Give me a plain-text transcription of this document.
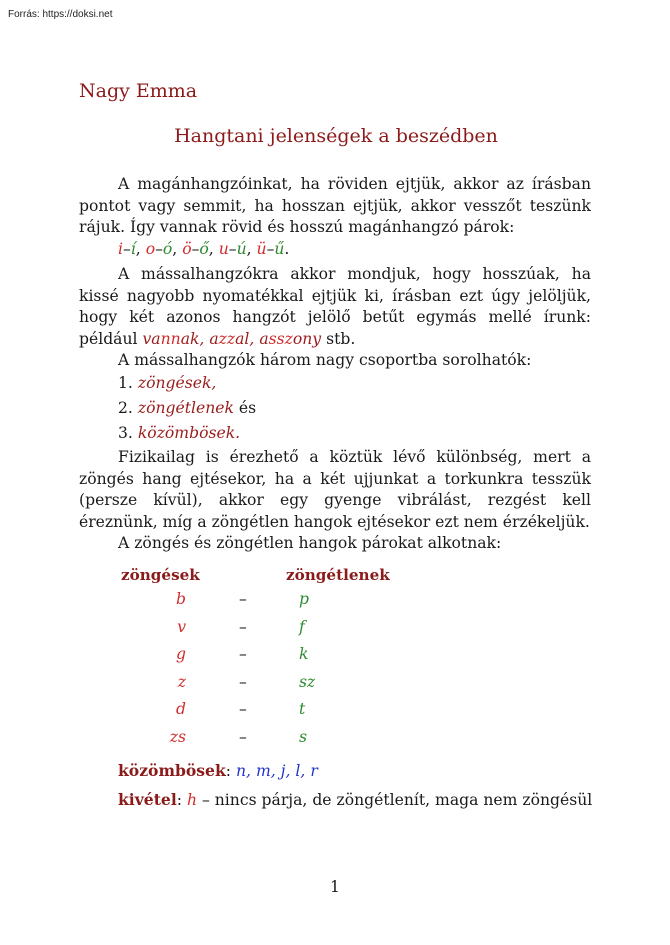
Forrás: https://doksi.net
Nagy Emma
Hangtani jelenségek a beszédben
A magánhangzóinkat, ha röviden ejtjük, akkor az írásban pontot vagy semmit, ha hosszan ejtjük, akkor vesszőt teszünk rájuk. Így vannak rövid és hosszú magánhangzó párok:
i–í, o–ó, ö–ő, u–ú, ü–ű.
A mássalhangzókra akkor mondjuk, hogy hosszúak, ha kissé nagyobb nyomatékkal ejtjük ki, írásban ezt úgy jelöljük, hogy két azonos hangzót jelölő betűt egymás mellé írunk: például vannak, azzal, asszony stb.
A mássalhangzók három nagy csoportba sorolhatók:
1. zöngések,
2. zöngétlenek és
3. közömbösek.
Fizikailag is érezhető a köztük lévő különbség, mert a zöngés hang ejtésekor, ha a két ujjunkat a torkunkra tesszük (persze kívül), akkor egy gyenge vibrálást, rezgést kell éreznünk, míg a zöngétlen hangok ejtésekor ezt nem érzékeljük.
A zöngés és zöngétlen hangok párokat alkotnak:
zöngések	zöngétlenek
b	–	p
v	–	f
g	–	k
z	–	sz
d	–	t
zs	–	s
közömbösek: n, m, j, l, r
kivétel: h – nincs párja, de zöngétlenít, maga nem zöngésül
1
